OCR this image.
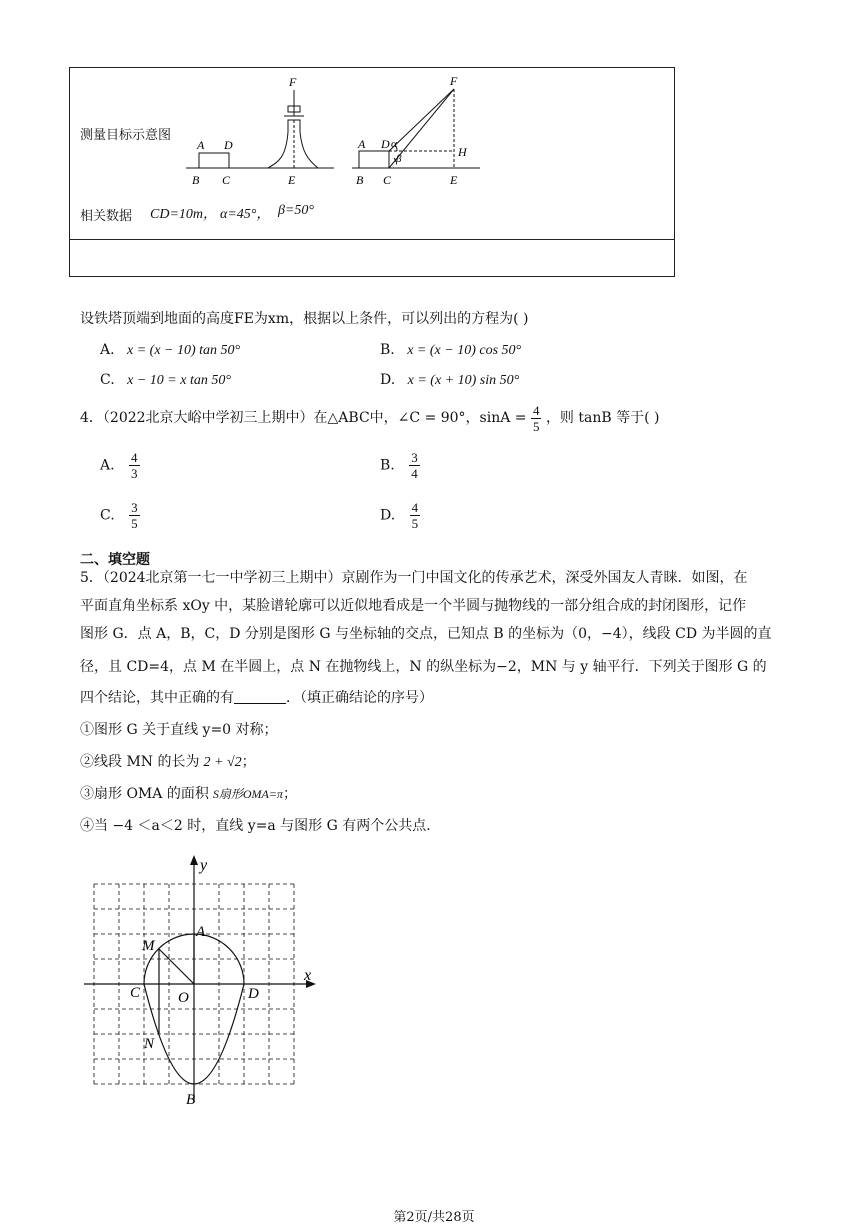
测量目标示意图
A D
B C	E
F
A D α
β
B C	E
F
H
相关数据 CD=10m， α=45°， β=50°
设铁塔顶端到地面的高度FE为xm，根据以上条件，可以列出的方程为( )
A. x = (x − 10) tan 50°	B. x = (x − 10) cos 50°
C. x − 10 = x tan 50°	D. x = (x + 10) sin 50°
4．（2022北京大峪中学初三上期中）在△ABC中，∠C = 90°，$\sin A = \frac{4}{5}$ ，则 tanB 等于( )
A. $\frac{4}{3}$	B. $\frac{3}{4}$
C. $\frac{3}{5}$	D. $\frac{4}{5}$
二、填空题
5．（2024北京第一七一中学初三上期中）京剧作为一门中国文化的传承艺术，深受外国友人青睐．如图，在
平面直角坐标系 xOy 中，某脸谱轮廓可以近似地看成是一个半圆与抛物线的一部分组合成的封闭图形，记作
图形 G．点 A，B，C，D 分别是图形 G 与坐标轴的交点，已知点 B 的坐标为（0，−4），线段 CD 为半圆的直
径，且 CD=4，点 M 在半圆上，点 N 在抛物线上，N 的纵坐标为−2，MN 与 y 轴平行．下列关于图形 G 的
四个结论，其中正确的有	．（填正确结论的序号）
①图形 G 关于直线 y=0 对称；
②线段 MN 的长为 2 + √2；
③扇形 OMA 的面积 S扇形OMA=π；
④当 −4 ＜a＜2 时，直线 y=a 与图形 G 有两个公共点．
x
y
O
A
B
C	D
M
N
第2页/共28页
